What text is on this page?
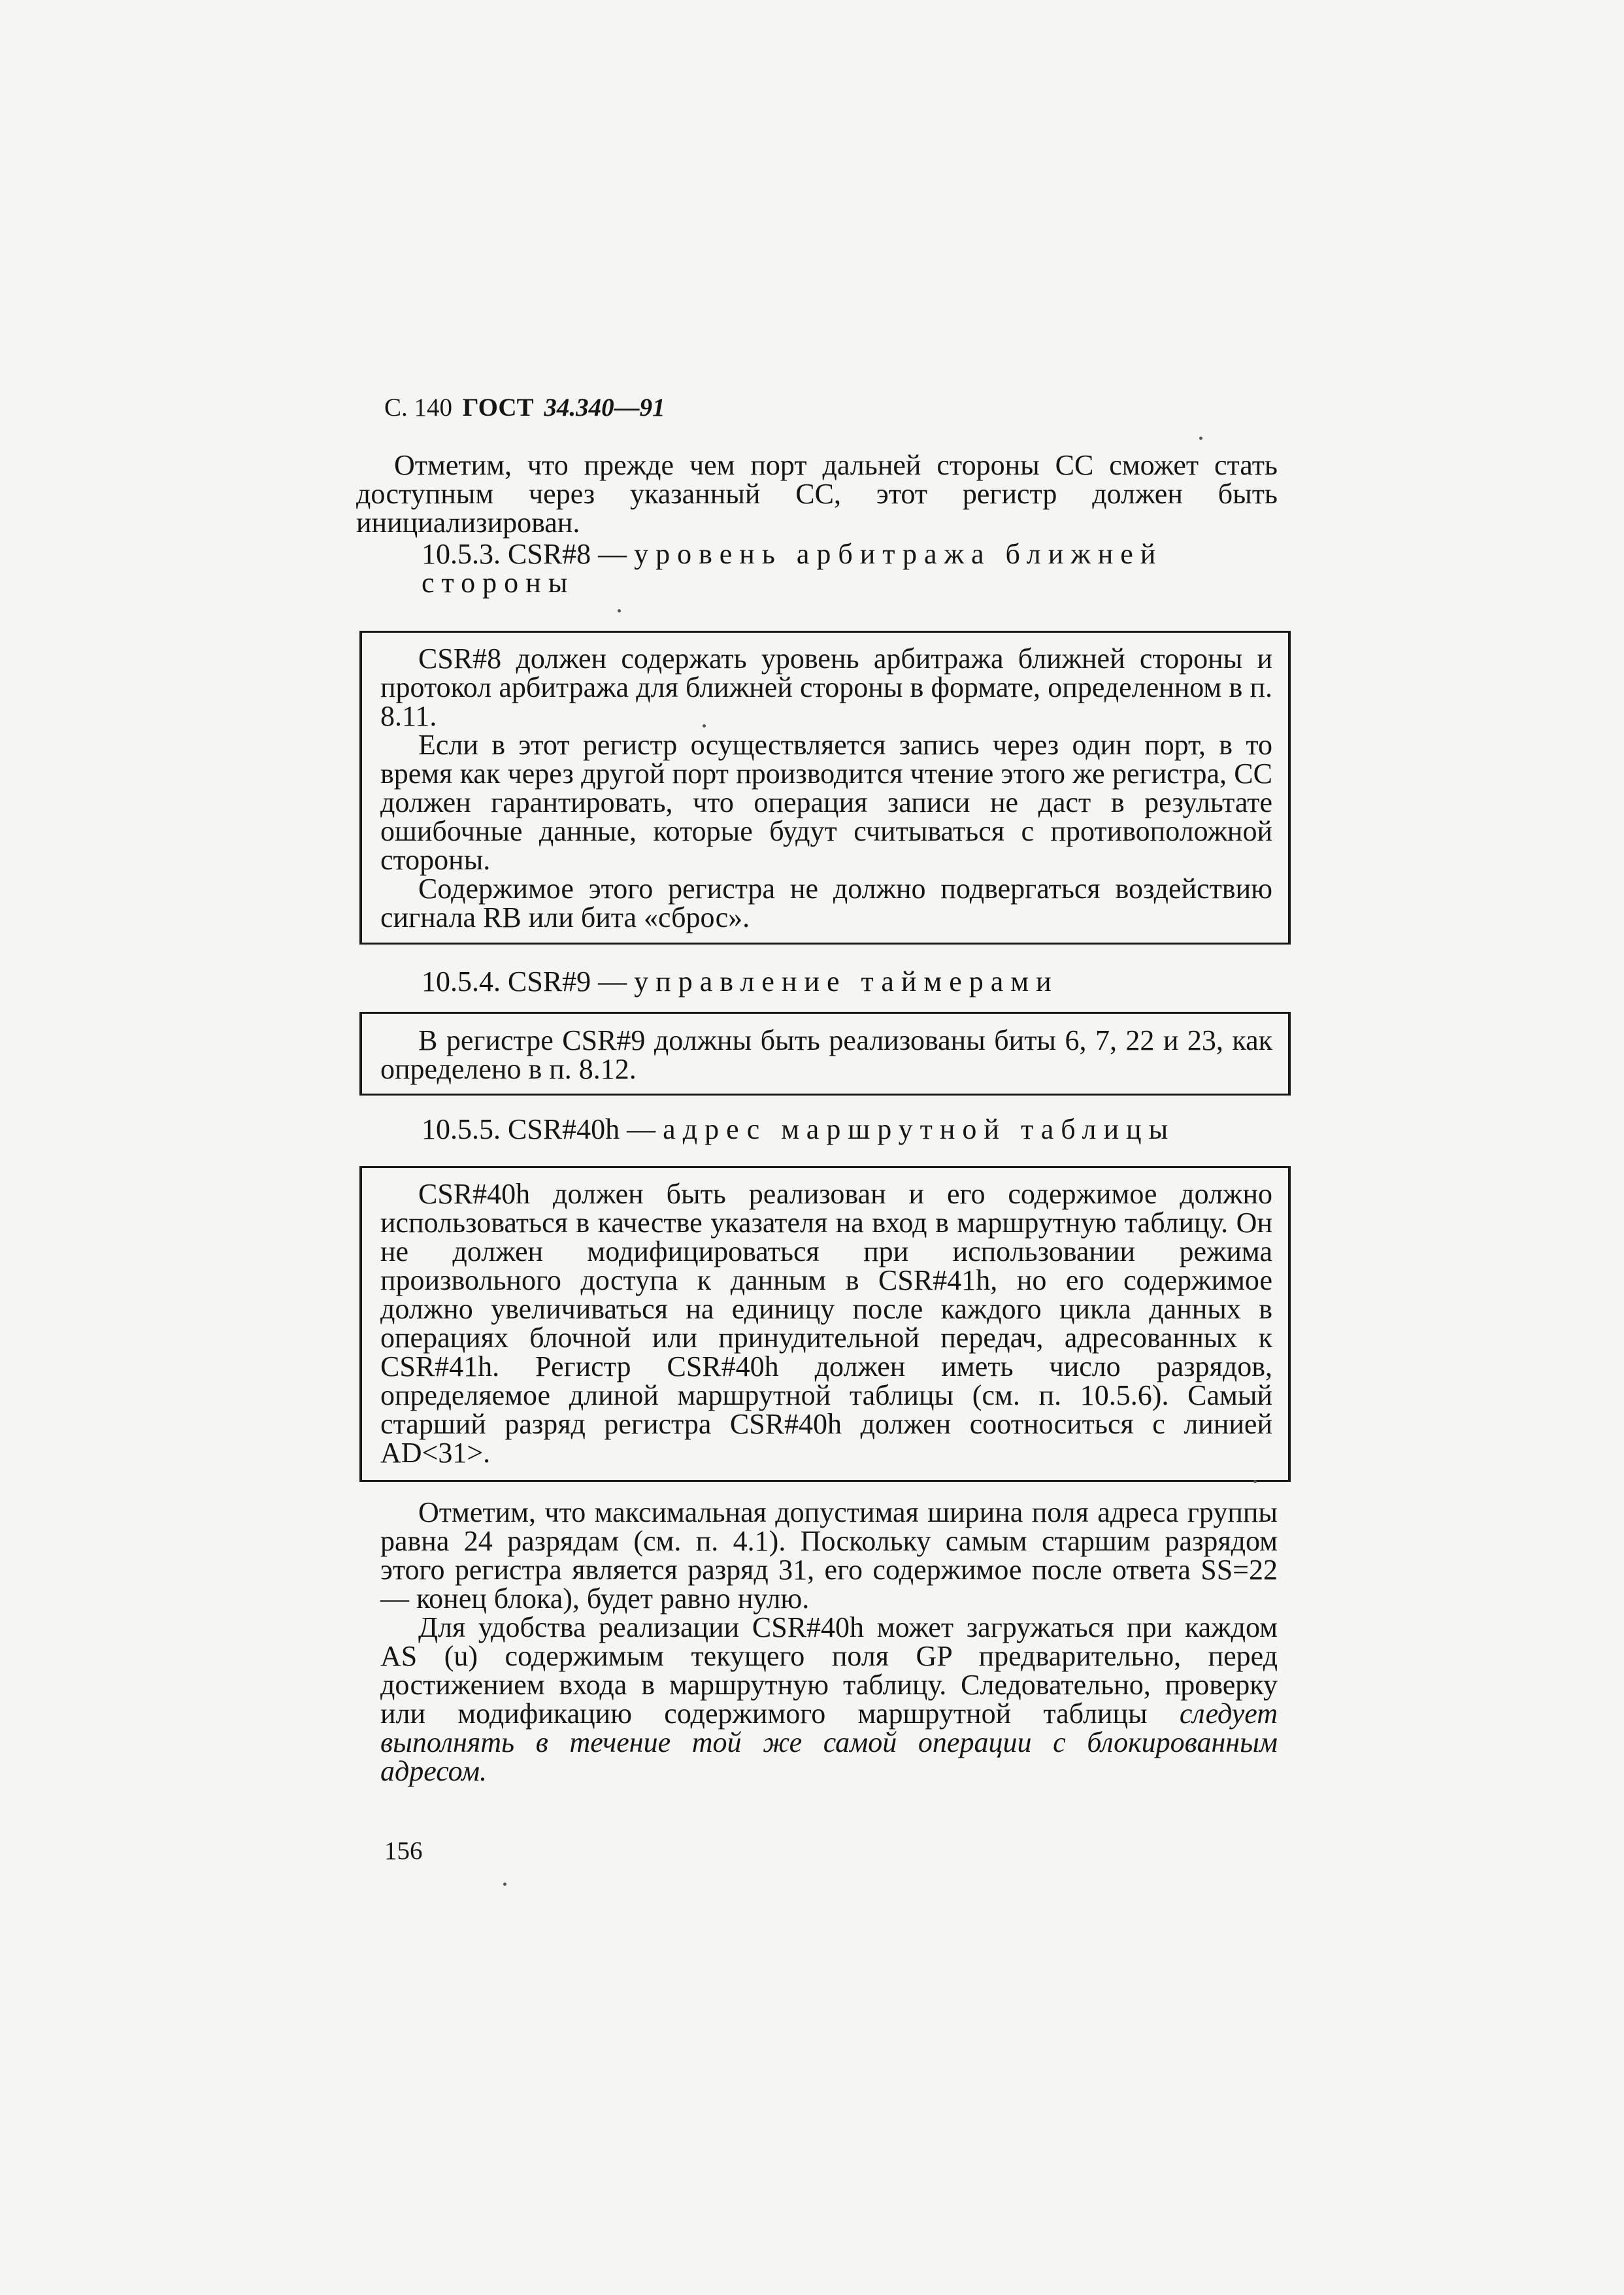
С. 140 ГОСТ 34.340—91

Отметим, что прежде чем порт дальней стороны СС сможет стать доступным через указанный СС, этот регистр должен быть инициализирован.

10.5.3. CSR#8 — уровень арбитража ближней стороны

CSR#8 должен содержать уровень арбитража ближней стороны и протокол арбитража для ближней стороны в формате, определенном в п. 8.11.

Если в этот регистр осуществляется запись через один порт, в то время как через другой порт производится чтение этого же регистра, СС должен гарантировать, что операция записи не даст в результате ошибочные данные, которые будут считываться с противоположной стороны.

Содержимое этого регистра не должно подвергаться воздействию сигнала RB или бита «сброс».

10.5.4. CSR#9 — управление таймерами

В регистре CSR#9 должны быть реализованы биты 6, 7, 22 и 23, как определено в п. 8.12.

10.5.5. CSR#40h — адрес маршрутной таблицы

CSR#40h должен быть реализован и его содержимое должно использоваться в качестве указателя на вход в маршрутную таблицу. Он не должен модифицироваться при использовании режима произвольного доступа к данным в CSR#41h, но его содержимое должно увеличиваться на единицу после каждого цикла данных в операциях блочной или принудительной передач, адресованных к CSR#41h. Регистр CSR#40h должен иметь число разрядов, определяемое длиной маршрутной таблицы (см. п. 10.5.6). Самый старший разряд регистра CSR#40h должен соотноситься с линией AD<31>.

Отметим, что максимальная допустимая ширина поля адреса группы равна 24 разрядам (см. п. 4.1). Поскольку самым старшим разрядом этого регистра является разряд 31, его содержимое после ответа SS=22 — конец блока), будет равно нулю.

Для удобства реализации CSR#40h может загружаться при каждом AS (u) содержимым текущего поля GP предварительно, перед достижением входа в маршрутную таблицу. Следовательно, проверку или модификацию содержимого маршрутной таблицы следует выполнять в течение той же самой операции с блокированным адресом.

156
